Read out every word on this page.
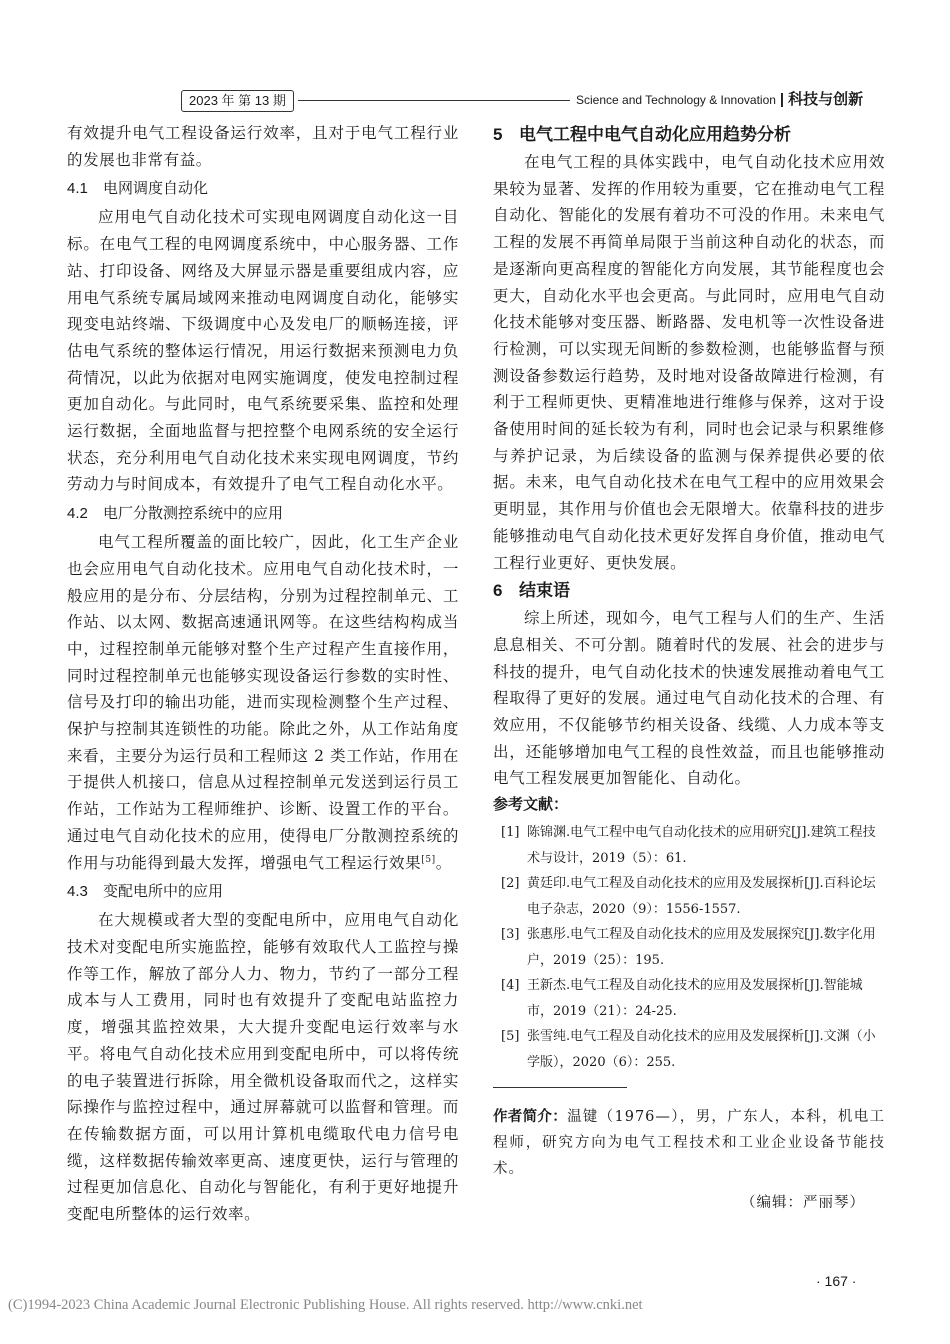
2023 年 第 13 期	Science and Technology & Innovation | 科技与创新

有效提升电气工程设备运行效率，且对于电气工程行业的发展也非常有益。

4.1 电网调度自动化

应用电气自动化技术可实现电网调度自动化这一目标。在电气工程的电网调度系统中，中心服务器、工作站、打印设备、网络及大屏显示器是重要组成内容，应用电气系统专属局域网来推动电网调度自动化，能够实现变电站终端、下级调度中心及发电厂的顺畅连接，评估电气系统的整体运行情况，用运行数据来预测电力负荷情况，以此为依据对电网实施调度，使发电控制过程更加自动化。与此同时，电气系统要采集、监控和处理运行数据，全面地监督与把控整个电网系统的安全运行状态，充分利用电气自动化技术来实现电网调度，节约劳动力与时间成本，有效提升了电气工程自动化水平。

4.2 电厂分散测控系统中的应用

电气工程所覆盖的面比较广，因此，化工生产企业也会应用电气自动化技术。应用电气自动化技术时，一般应用的是分布、分层结构，分别为过程控制单元、工作站、以太网、数据高速通讯网等。在这些结构构成当中，过程控制单元能够对整个生产过程产生直接作用，同时过程控制单元也能够实现设备运行参数的实时性、信号及打印的输出功能，进而实现检测整个生产过程、保护与控制其连锁性的功能。除此之外，从工作站角度来看，主要分为运行员和工程师这 2 类工作站，作用在于提供人机接口，信息从过程控制单元发送到运行员工作站，工作站为工程师维护、诊断、设置工作的平台。通过电气自动化技术的应用，使得电厂分散测控系统的作用与功能得到最大发挥，增强电气工程运行效果[5]。

4.3 变配电所中的应用

在大规模或者大型的变配电所中，应用电气自动化技术对变配电所实施监控，能够有效取代人工监控与操作等工作，解放了部分人力、物力，节约了一部分工程成本与人工费用，同时也有效提升了变配电站监控力度，增强其监控效果，大大提升变配电运行效率与水平。将电气自动化技术应用到变配电所中，可以将传统的电子装置进行拆除，用全微机设备取而代之，这样实际操作与监控过程中，通过屏幕就可以监督和管理。而在传输数据方面，可以用计算机电缆取代电力信号电缆，这样数据传输效率更高、速度更快，运行与管理的过程更加信息化、自动化与智能化，有利于更好地提升变配电所整体的运行效率。

5 电气工程中电气自动化应用趋势分析

在电气工程的具体实践中，电气自动化技术应用效果较为显著、发挥的作用较为重要，它在推动电气工程自动化、智能化的发展有着功不可没的作用。未来电气工程的发展不再简单局限于当前这种自动化的状态，而是逐渐向更高程度的智能化方向发展，其节能程度也会更大，自动化水平也会更高。与此同时，应用电气自动化技术能够对变压器、断路器、发电机等一次性设备进行检测，可以实现无间断的参数检测，也能够监督与预测设备参数运行趋势，及时地对设备故障进行检测，有利于工程师更快、更精准地进行维修与保养，这对于设备使用时间的延长较为有利，同时也会记录与积累维修与养护记录，为后续设备的监测与保养提供必要的依据。未来，电气自动化技术在电气工程中的应用效果会更明显，其作用与价值也会无限增大。依靠科技的进步能够推动电气自动化技术更好发挥自身价值，推动电气工程行业更好、更快发展。

6 结束语

综上所述，现如今，电气工程与人们的生产、生活息息相关、不可分割。随着时代的发展、社会的进步与科技的提升，电气自动化技术的快速发展推动着电气工程取得了更好的发展。通过电气自动化技术的合理、有效应用，不仅能够节约相关设备、线缆、人力成本等支出，还能够增加电气工程的良性效益，而且也能够推动电气工程发展更加智能化、自动化。

参考文献：
[1] 陈锦渊.电气工程中电气自动化技术的应用研究[J].建筑工程技术与设计，2019（5）：61.
[2] 黄廷印.电气工程及自动化技术的应用及发展探析[J].百科论坛电子杂志，2020（9）：1556-1557.
[3] 张惠彤.电气工程及自动化技术的应用及发展探究[J].数字化用户，2019（25）：195.
[4] 王新杰.电气工程及自动化技术的应用及发展探析[J].智能城市，2019（21）：24-25.
[5] 张雪纯.电气工程及自动化技术的应用及发展探析[J].文渊（小学版），2020（6）：255.
作者简介：温键（1976—），男，广东人，本科，机电工程师，研究方向为电气工程技术和工业企业设备节能技术。
（编辑：严丽琴）
· 167 ·
(C)1994-2023 China Academic Journal Electronic Publishing House. All rights reserved. http://www.cnki.net
